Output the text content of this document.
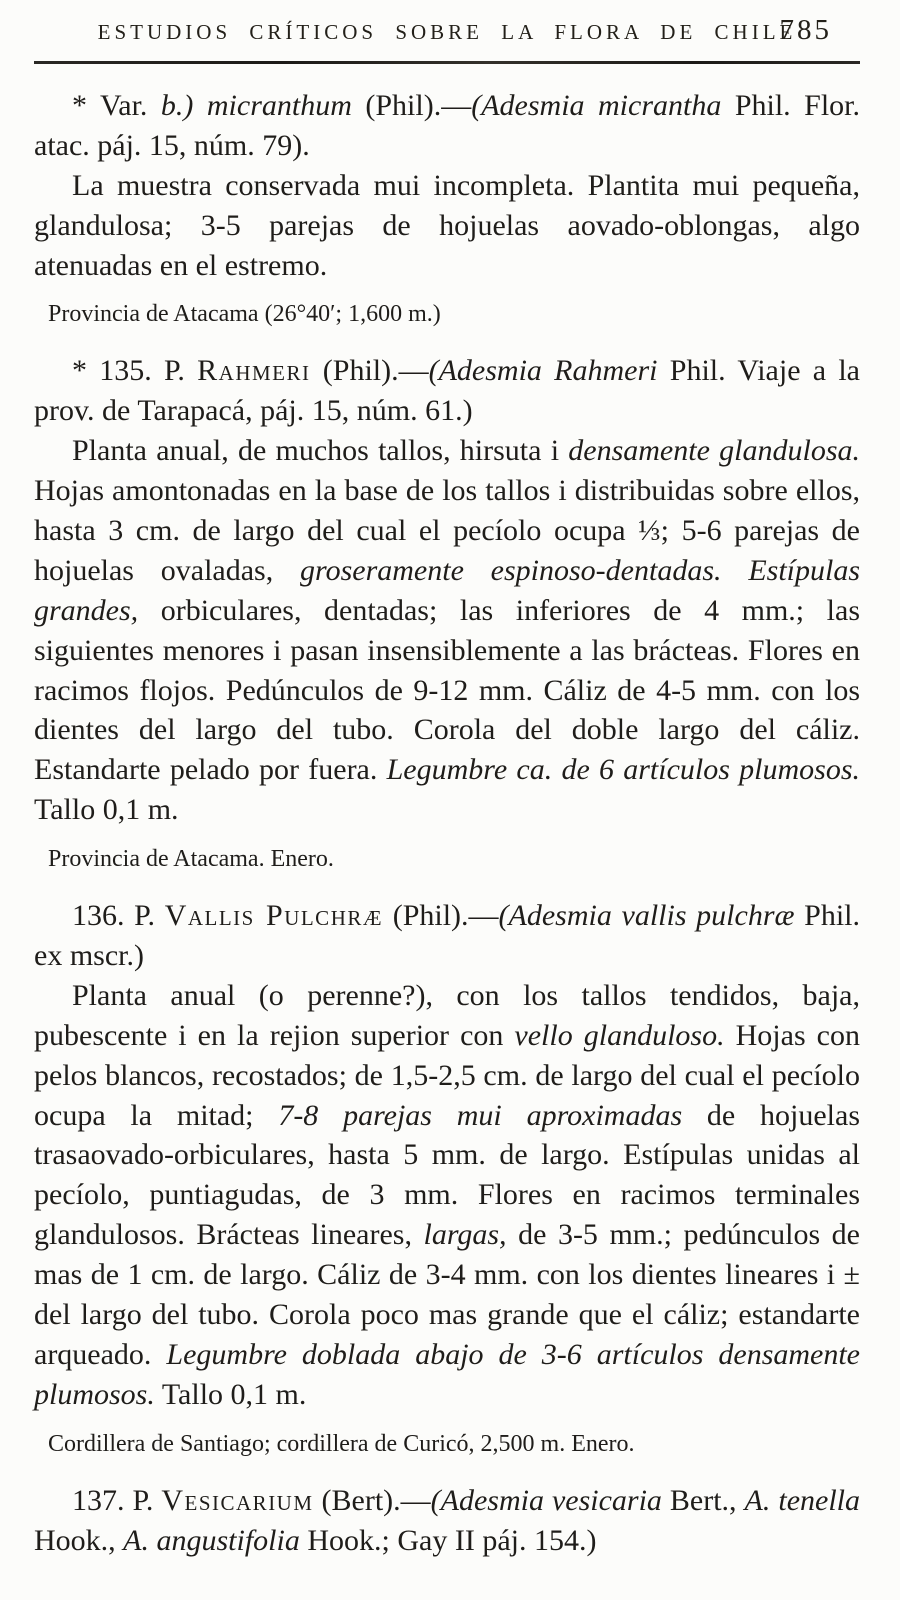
ESTUDIOS CRÍTICOS SOBRE LA FLORA DE CHILE
785

* Var. b.) micranthum (Phil).—(Adesmia micrantha Phil. Flor. atac. páj. 15, núm. 79).

La muestra conservada mui incompleta. Plantita mui pequeña, glandulosa; 3-5 parejas de hojuelas aovado-oblongas, algo atenuadas en el estremo.

Provincia de Atacama (26°40′; 1,600 m.)

* 135. P. Rahmeri (Phil).—(Adesmia Rahmeri Phil. Viaje a la prov. de Tarapacá, páj. 15, núm. 61.)

Planta anual, de muchos tallos, hirsuta i densamente glandulosa. Hojas amontonadas en la base de los tallos i distribuidas sobre ellos, hasta 3 cm. de largo del cual el pecíolo ocupa ⅓; 5-6 parejas de hojuelas ovaladas, groseramente espinoso-dentadas. Estípulas grandes, orbiculares, dentadas; las inferiores de 4 mm.; las siguientes menores i pasan insensiblemente a las brácteas. Flores en racimos flojos. Pedúnculos de 9-12 mm. Cáliz de 4-5 mm. con los dientes del largo del tubo. Corola del doble largo del cáliz. Estandarte pelado por fuera. Legumbre ca. de 6 artículos plumosos. Tallo 0,1 m.

Provincia de Atacama. Enero.

136. P. Vallis Pulchræ (Phil).—(Adesmia vallis pulchræ Phil. ex mscr.)

Planta anual (o perenne?), con los tallos tendidos, baja, pubescente i en la rejion superior con vello glanduloso. Hojas con pelos blancos, recostados; de 1,5-2,5 cm. de largo del cual el pecíolo ocupa la mitad; 7-8 parejas mui aproximadas de hojuelas trasaovado-orbiculares, hasta 5 mm. de largo. Estípulas unidas al pecíolo, puntiagudas, de 3 mm. Flores en racimos terminales glandulosos. Brácteas lineares, largas, de 3-5 mm.; pedúnculos de mas de 1 cm. de largo. Cáliz de 3-4 mm. con los dientes lineares i ± del largo del tubo. Corola poco mas grande que el cáliz; estandarte arqueado. Legumbre doblada abajo de 3-6 artículos densamente plumosos. Tallo 0,1 m.

Cordillera de Santiago; cordillera de Curicó, 2,500 m. Enero.

137. P. Vesicarium (Bert).—(Adesmia vesicaria Bert., A. tenella Hook., A. angustifolia Hook.; Gay II páj. 154.)
